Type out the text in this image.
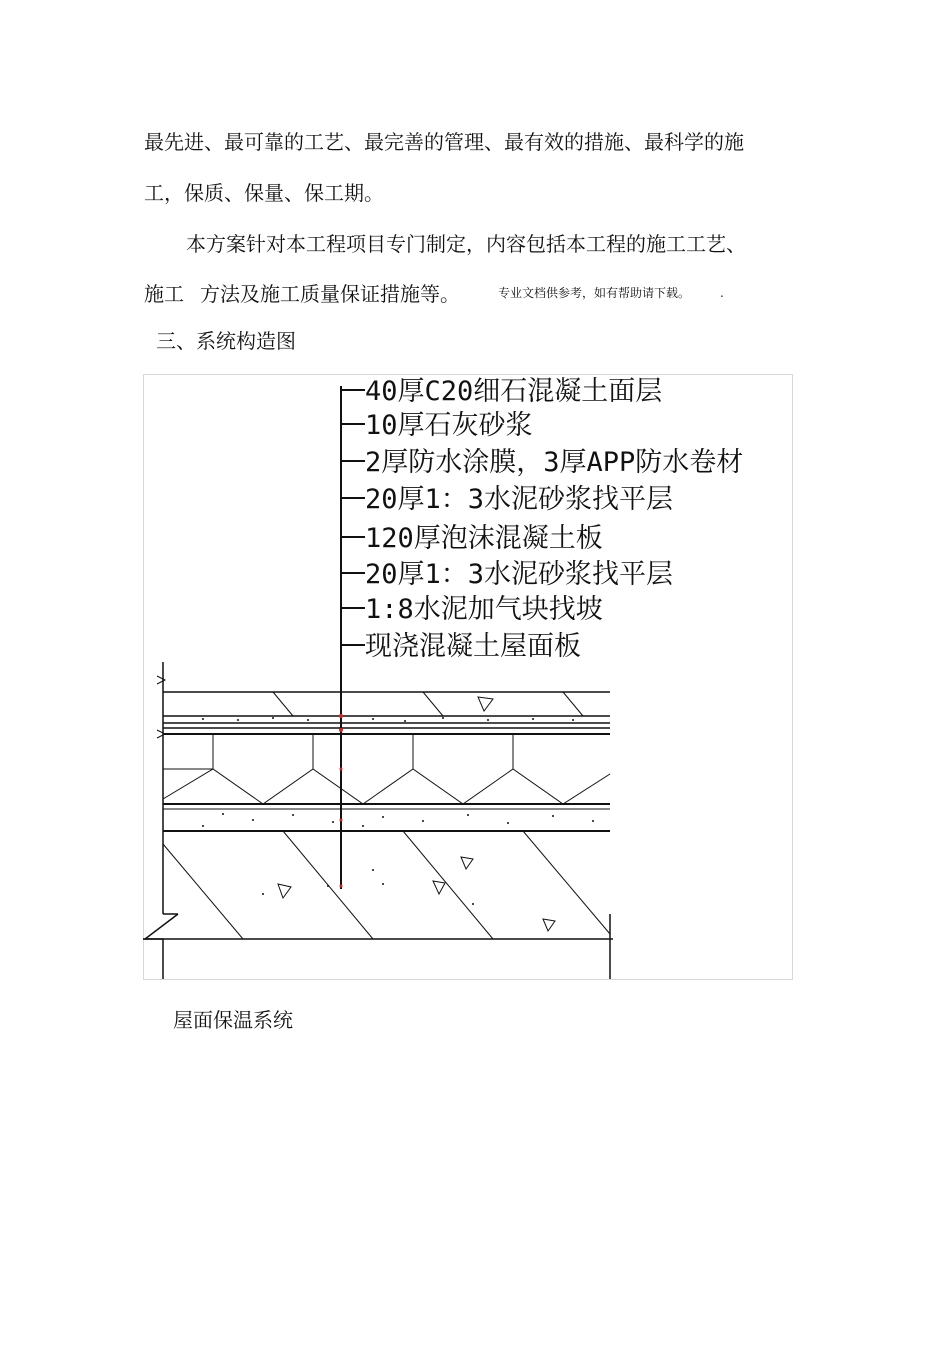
最先进、最可靠的工艺、最完善的管理、最有效的措施、最科学的施
工，保质、保量、保工期。
本方案针对本工程项目专门制定，内容包括本工程的施工工艺、
施工 方法及施工质量保证措施等。	专业文档供参考，如有帮助请下载。 .
三、系统构造图
40厚C20细石混凝土面层
10厚石灰砂浆
2厚防水涂膜，3厚APP防水卷材
20厚1：3水泥砂浆找平层
120厚泡沫混凝土板
20厚1：3水泥砂浆找平层
1:8水泥加气块找坡
现浇混凝土屋面板
屋面保温系统
